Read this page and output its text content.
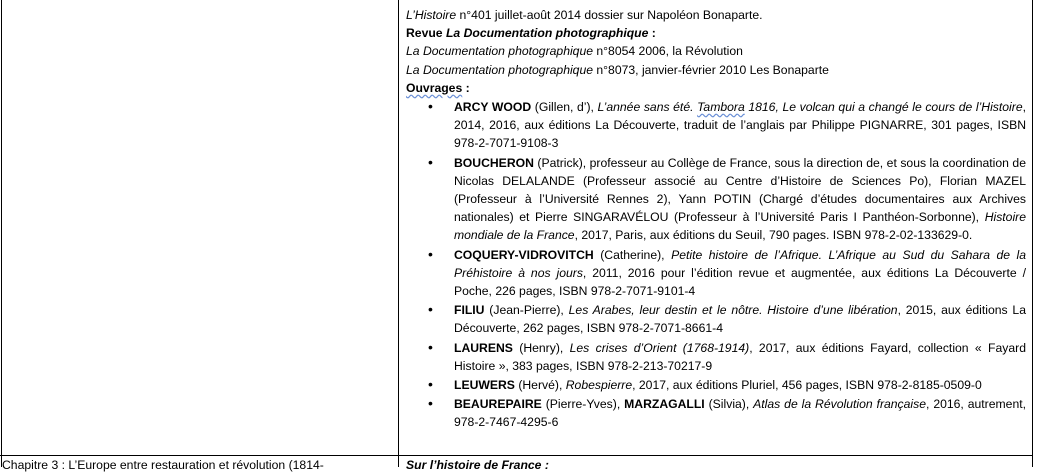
L’Histoire n°401 juillet-août 2014 dossier sur Napoléon Bonaparte.

Revue La Documentation photographique :

La Documentation photographique n°8054 2006, la Révolution

La Documentation photographique n°8073, janvier-février 2010 Les Bonaparte

Ouvrages :

• ARCY WOOD (Gillen, d’), L’année sans été. Tambora 1816, Le volcan qui a changé le cours de l’Histoire, 2014, 2016, aux éditions La Découverte, traduit de l’anglais par Philippe PIGNARRE, 301 pages, ISBN 978-2-7071-9108-3
• BOUCHERON (Patrick), professeur au Collège de France, sous la direction de, et sous la coordination de Nicolas DELALANDE (Professeur associé au Centre d’Histoire de Sciences Po), Florian MAZEL (Professeur à l’Université Rennes 2), Yann POTIN (Chargé d’études documentaires aux Archives nationales) et Pierre SINGARAVÉLOU (Professeur à l’Université Paris I Panthéon-Sorbonne), Histoire mondiale de la France, 2017, Paris, aux éditions du Seuil, 790 pages. ISBN 978-2-02-133629-0.
• COQUERY-VIDROVITCH (Catherine), Petite histoire de l’Afrique. L’Afrique au Sud du Sahara de la Préhistoire à nos jours, 2011, 2016 pour l’édition revue et augmentée, aux éditions La Découverte / Poche, 226 pages, ISBN 978-2-7071-9101-4
• FILIU (Jean-Pierre), Les Arabes, leur destin et le nôtre. Histoire d’une libération, 2015, aux éditions La Découverte, 262 pages, ISBN 978-2-7071-8661-4
• LAURENS (Henry), Les crises d’Orient (1768-1914), 2017, aux éditions Fayard, collection « Fayard Histoire », 383 pages, ISBN 978-2-213-70217-9
• LEUWERS (Hervé), Robespierre, 2017, aux éditions Pluriel, 456 pages, ISBN 978-2-8185-0509-0
• BEAUREPAIRE (Pierre-Yves), MARZAGALLI (Silvia), Atlas de la Révolution française, 2016, autrement, 978-2-7467-4295-6
Chapitre 3 : L’Europe entre restauration et révolution (1814-	Sur l’histoire de France :
